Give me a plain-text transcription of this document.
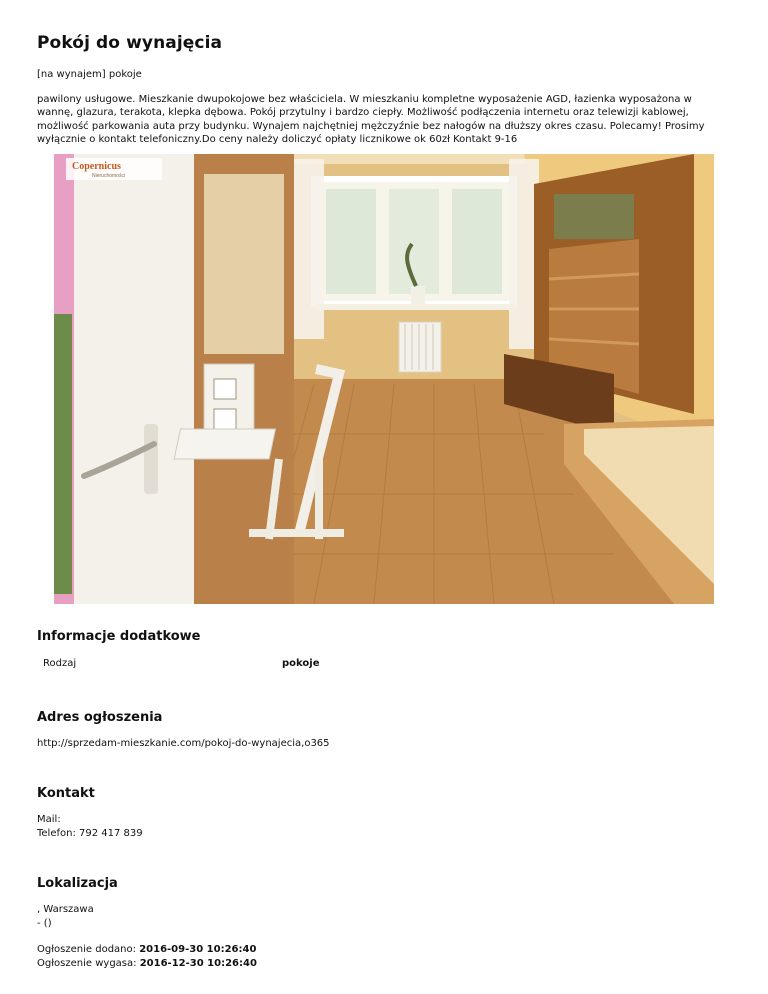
Pokój do wynajęcia

[na wynajem] pokoje

pawilony usługowe. Mieszkanie dwupokojowe bez właściciela. W mieszkaniu kompletne wyposażenie AGD, łazienka wyposażona w wannę, glazura, terakota, klepka dębowa. Pokój przytulny i bardzo ciepły. Możliwość podłączenia internetu oraz telewizji kablowej, możliwość parkowania auta przy budynku. Wynajem najchętniej mężczyźnie bez nałogów na dłuższy okres czasu. Polecamy! Prosimy wyłącznie o kontakt telefoniczny.Do ceny należy doliczyć opłaty licznikowe ok 60zł Kontakt 9-16

Copernicus
Nieruchomości
Informacje dodatkowe
Rodzaj	pokoje
Adres ogłoszenia

http://sprzedam-mieszkanie.com/pokoj-do-wynajecia,o365

Kontakt

Mail:

Telefon: 792 417 839

Lokalizacja

, Warszawa

- ()

Ogłoszenie dodano: 2016-09-30 10:26:40

Ogłoszenie wygasa: 2016-12-30 10:26:40
